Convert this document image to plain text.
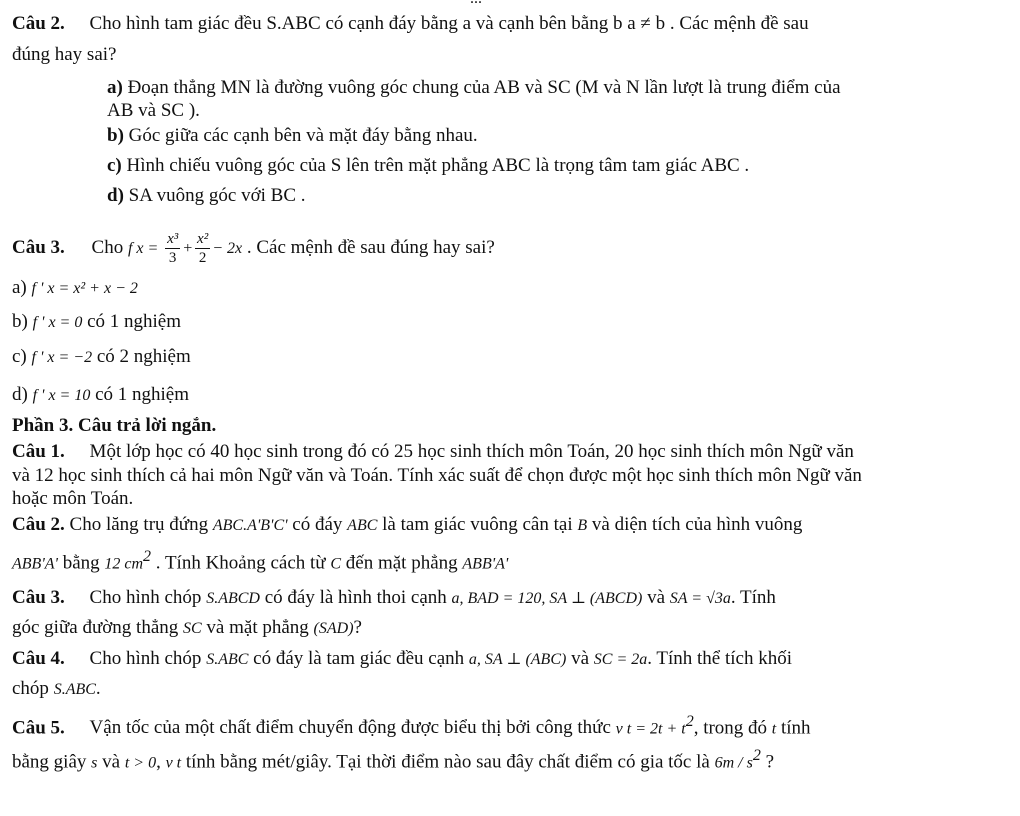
Câu 2. Cho hình tam giác đều S.ABC có cạnh đáy bằng a và cạnh bên bằng b a ≠ b . Các mệnh đề sau
đúng hay sai?
a) Đoạn thẳng MN là đường vuông góc chung của AB và SC (M và N lần lượt là trung điểm của
AB và SC ).
b) Góc giữa các cạnh bên và mặt đáy bằng nhau.
c) Hình chiếu vuông góc của S lên trên mặt phẳng ABC là trọng tâm tam giác ABC .
d) SA vuông góc với BC .
Câu 3. Cho f $x = \frac{\text{x³}}{3} + \frac{\text{x²}}{2} - 2x$ . Các mệnh đề sau đúng hay sai?
a) f ' x = x² + x − 2
b) f ' x = 0 có 1 nghiệm
c) f ' x = −2 có 2 nghiệm
d) f ' x = 10 có 1 nghiệm
Phần 3. Câu trả lời ngắn.
Câu 1. Một lớp học có 40 học sinh trong đó có 25 học sinh thích môn Toán, 20 học sinh thích môn Ngữ văn
và 12 học sinh thích cả hai môn Ngữ văn và Toán. Tính xác suất để chọn được một học sinh thích môn Ngữ văn
hoặc môn Toán.
Câu 2. Cho lăng trụ đứng ABC.A'B'C' có đáy ABC là tam giác vuông cân tại B và diện tích của hình vuông
ABB'A' bằng 12 $cm^2$ . Tính Khoảng cách từ C đến mặt phẳng ABB'A'
Câu 3. Cho hình chóp S.ABCD có đáy là hình thoi cạnh a, BAD = 120, SA ⊥ (ABCD) và SA = √3a. Tính
góc giữa đường thẳng SC và mặt phẳng (SAD)?
Câu 4. Cho hình chóp S.ABC có đáy là tam giác đều cạnh a, SA ⊥ (ABC) và SC = 2a. Tính thể tích khối
chóp S.ABC.
Câu 5. Vận tốc của một chất điểm chuyển động được biểu thị bởi công thức v $t = 2t + t^2$, trong đó t tính
bằng giây s và t > 0, v t tính bằng mét/giây. Tại thời điểm nào sau đây chất điểm có gia tốc là $6m / s^2$ ?
